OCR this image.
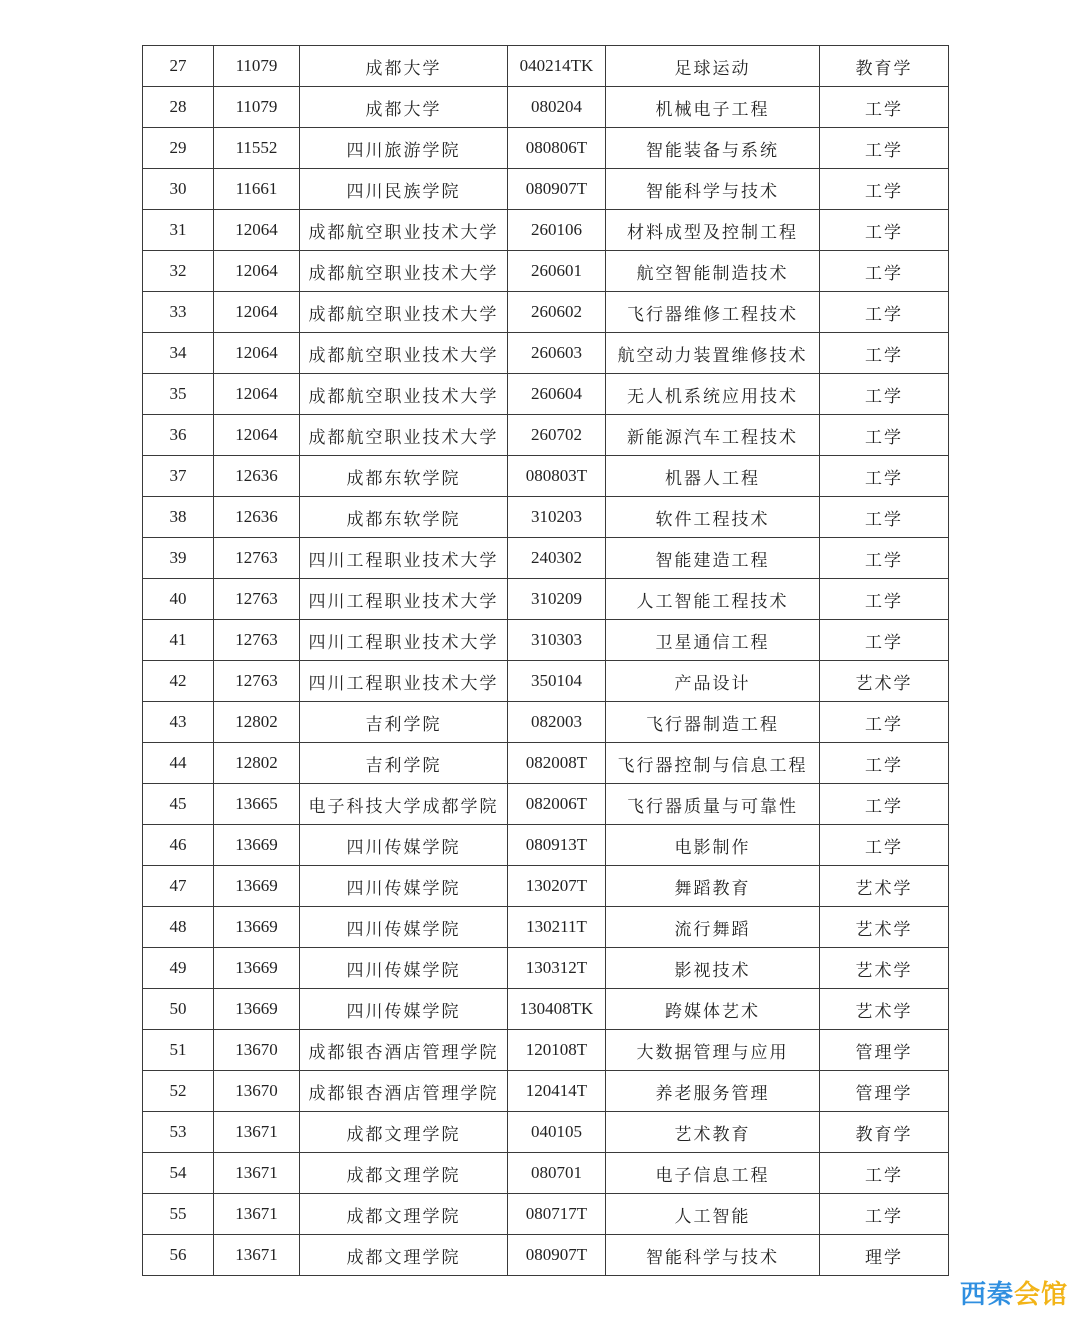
27	11079	成都大学	040214TK	足球运动	教育学
28	11079	成都大学	080204	机械电子工程	工学
29	11552	四川旅游学院	080806T	智能装备与系统	工学
30	11661	四川民族学院	080907T	智能科学与技术	工学
31	12064	成都航空职业技术大学	260106	材料成型及控制工程	工学
32	12064	成都航空职业技术大学	260601	航空智能制造技术	工学
33	12064	成都航空职业技术大学	260602	飞行器维修工程技术	工学
34	12064	成都航空职业技术大学	260603	航空动力装置维修技术	工学
35	12064	成都航空职业技术大学	260604	无人机系统应用技术	工学
36	12064	成都航空职业技术大学	260702	新能源汽车工程技术	工学
37	12636	成都东软学院	080803T	机器人工程	工学
38	12636	成都东软学院	310203	软件工程技术	工学
39	12763	四川工程职业技术大学	240302	智能建造工程	工学
40	12763	四川工程职业技术大学	310209	人工智能工程技术	工学
41	12763	四川工程职业技术大学	310303	卫星通信工程	工学
42	12763	四川工程职业技术大学	350104	产品设计	艺术学
43	12802	吉利学院	082003	飞行器制造工程	工学
44	12802	吉利学院	082008T	飞行器控制与信息工程	工学
45	13665	电子科技大学成都学院	082006T	飞行器质量与可靠性	工学
46	13669	四川传媒学院	080913T	电影制作	工学
47	13669	四川传媒学院	130207T	舞蹈教育	艺术学
48	13669	四川传媒学院	130211T	流行舞蹈	艺术学
49	13669	四川传媒学院	130312T	影视技术	艺术学
50	13669	四川传媒学院	130408TK	跨媒体艺术	艺术学
51	13670	成都银杏酒店管理学院	120108T	大数据管理与应用	管理学
52	13670	成都银杏酒店管理学院	120414T	养老服务管理	管理学
53	13671	成都文理学院	040105	艺术教育	教育学
54	13671	成都文理学院	080701	电子信息工程	工学
55	13671	成都文理学院	080717T	人工智能	工学
56	13671	成都文理学院	080907T	智能科学与技术	理学
西秦会馆
